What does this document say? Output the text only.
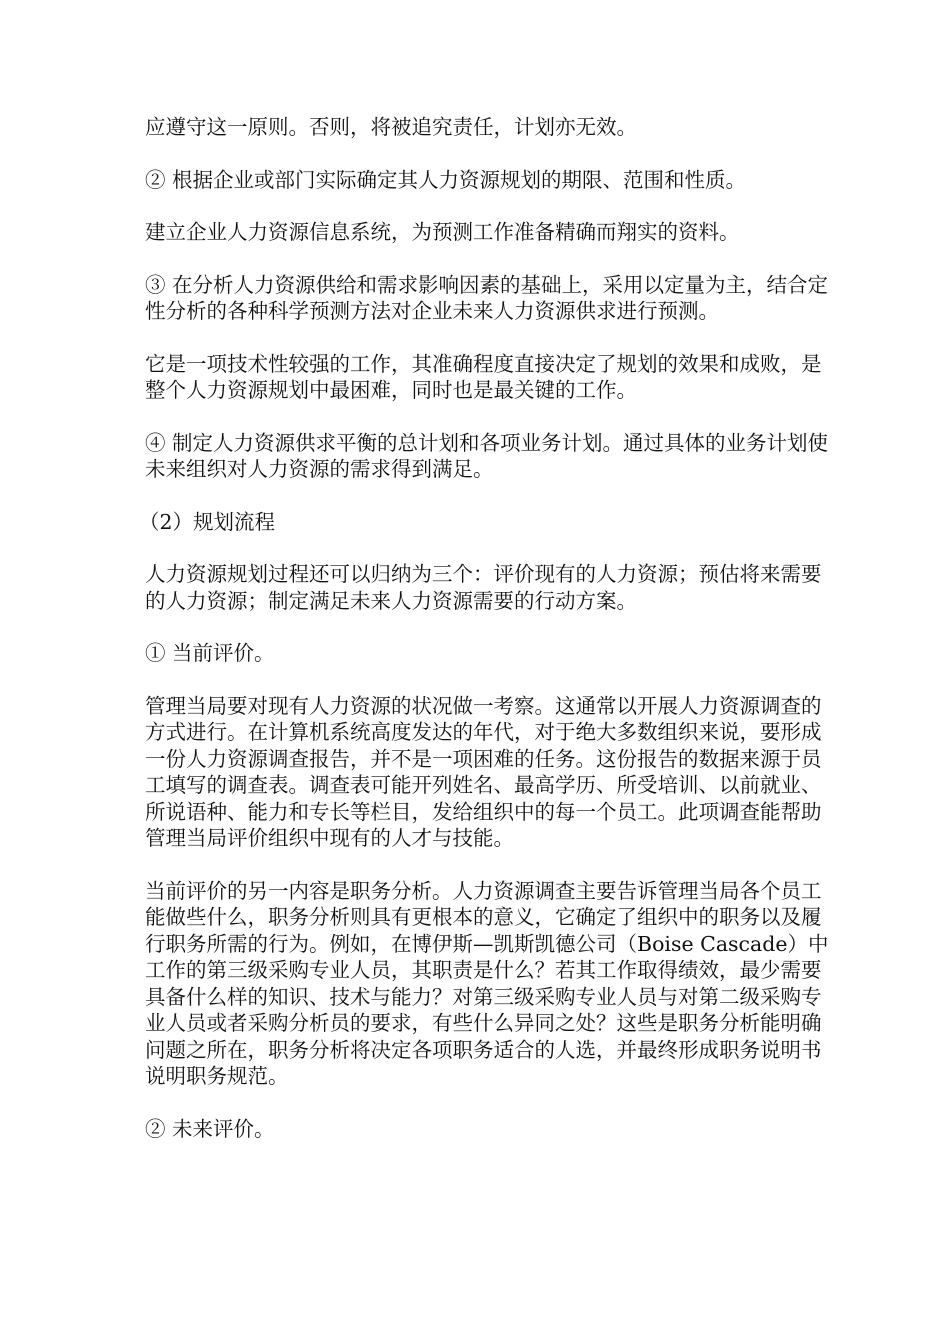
应遵守这一原则。否则，将被追究责任，计划亦无效。

② 根据企业或部门实际确定其人力资源规划的期限、范围和性质。

建立企业人力资源信息系统，为预测工作准备精确而翔实的资料。

③ 在分析人力资源供给和需求影响因素的基础上，采用以定量为主，结合定性分析的各种科学预测方法对企业未来人力资源供求进行预测。

它是一项技术性较强的工作，其准确程度直接决定了规划的效果和成败，是整个人力资源规划中最困难，同时也是最关键的工作。

④ 制定人力资源供求平衡的总计划和各项业务计划。通过具体的业务计划使未来组织对人力资源的需求得到满足。

（2）规划流程

人力资源规划过程还可以归纳为三个：评价现有的人力资源；预估将来需要的人力资源；制定满足未来人力资源需要的行动方案。

① 当前评价。

管理当局要对现有人力资源的状况做一考察。这通常以开展人力资源调查的方式进行。在计算机系统高度发达的年代，对于绝大多数组织来说，要形成一份人力资源调查报告，并不是一项困难的任务。这份报告的数据来源于员工填写的调查表。调查表可能开列姓名、最高学历、所受培训、以前就业、所说语种、能力和专长等栏目，发给组织中的每一个员工。此项调查能帮助管理当局评价组织中现有的人才与技能。

当前评价的另一内容是职务分析。人力资源调查主要告诉管理当局各个员工能做些什么，职务分析则具有更根本的意义，它确定了组织中的职务以及履行职务所需的行为。例如，在博伊斯—凯斯凯德公司（Boise Cascade）中工作的第三级采购专业人员，其职责是什么？若其工作取得绩效，最少需要具备什么样的知识、技术与能力？对第三级采购专业人员与对第二级采购专业人员或者采购分析员的要求，有些什么异同之处？这些是职务分析能明确问题之所在，职务分析将决定各项职务适合的人选，并最终形成职务说明书说明职务规范。

② 未来评价。
